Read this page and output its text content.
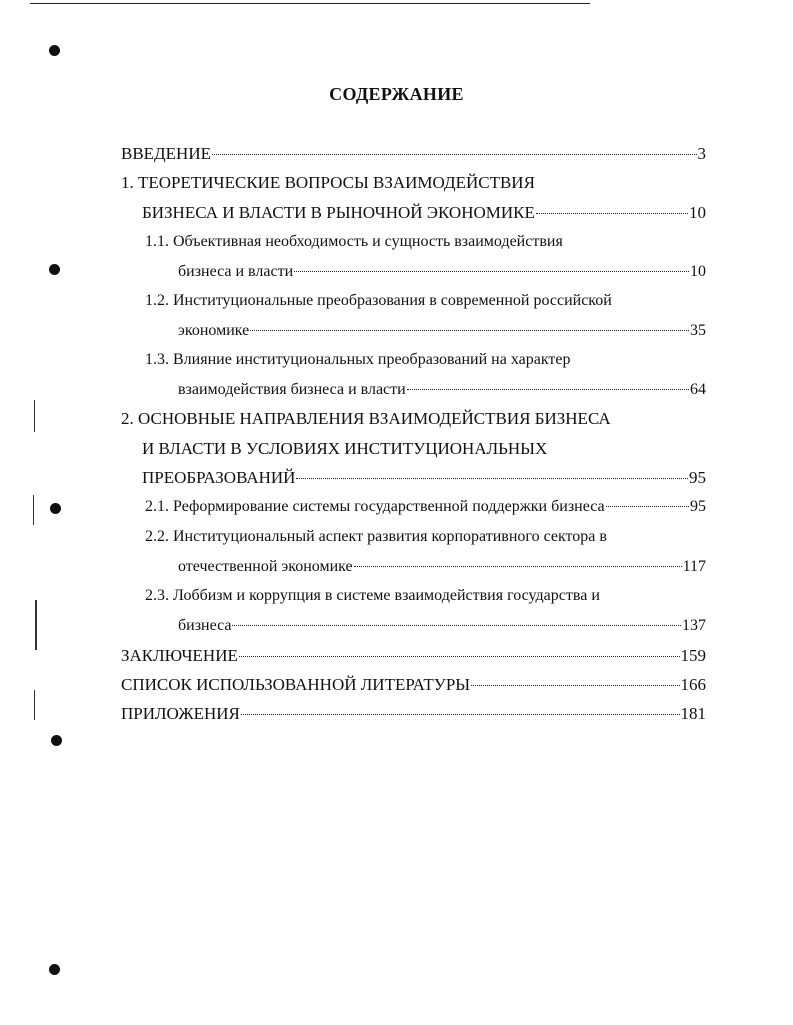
СОДЕРЖАНИЕ
ВВЕДЕНИЕ	3
1. ТЕОРЕТИЧЕСКИЕ ВОПРОСЫ ВЗАИМОДЕЙСТВИЯ
БИЗНЕСА И ВЛАСТИ В РЫНОЧНОЙ ЭКОНОМИКЕ	10
1.1. Объективная необходимость и сущность взаимодействия
бизнеса и власти	10
1.2. Институциональные преобразования в современной российской
экономике	35
1.3. Влияние институциональных преобразований на характер
взаимодействия бизнеса и власти	64
2. ОСНОВНЫЕ НАПРАВЛЕНИЯ ВЗАИМОДЕЙСТВИЯ БИЗНЕСА
И ВЛАСТИ В УСЛОВИЯХ ИНСТИТУЦИОНАЛЬНЫХ
ПРЕОБРАЗОВАНИЙ	95
2.1. Реформирование системы государственной поддержки бизнеса	95
2.2. Институциональный аспект развития корпоративного сектора в
отечественной экономике	117
2.3. Лоббизм и коррупция в системе взаимодействия государства и
бизнеса	137
ЗАКЛЮЧЕНИЕ	159
СПИСОК ИСПОЛЬЗОВАННОЙ ЛИТЕРАТУРЫ	166
ПРИЛОЖЕНИЯ	181
